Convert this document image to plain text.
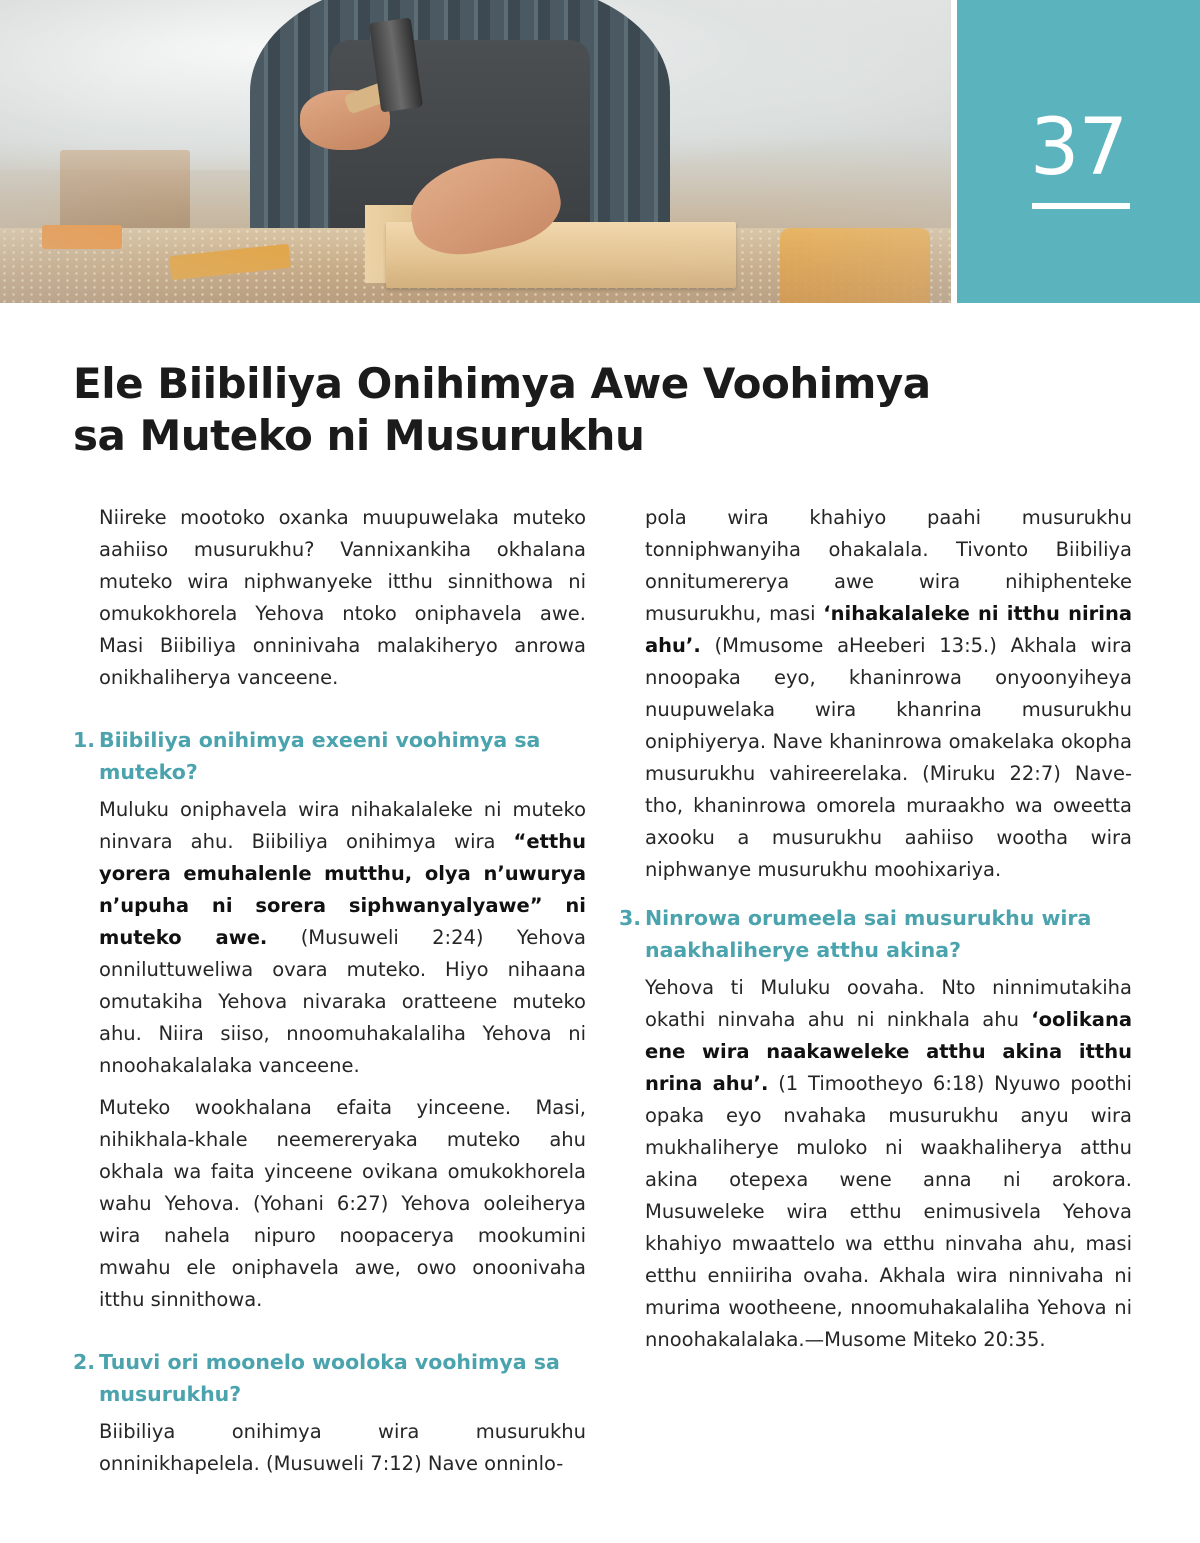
37
Ele Biibiliya Onihimya Awe Voohimya
sa Muteko ni Musurukhu

Niireke mootoko oxanka muupuwelaka muteko aahiiso musurukhu? Vannixankiha okhalana muteko wira niphwanyeke itthu sinnithowa ni omukokhorela Yehova ntoko oniphavela awe. Masi Biibiliya onninivaha malakiheryo anrowa onikhaliherya vanceene.

1. Biibiliya onihimya exeeni voohimya sa muteko?

Muluku oniphavela wira nihakalaleke ni muteko ninvara ahu. Biibiliya onihimya wira “etthu yorera emuhalenle mutthu, olya n’uwurya n’upuha ni sorera siphwanyalyawe” ni muteko awe. (Musuweli 2:24) Yehova onniluttuweliwa ovara muteko. Hiyo nihaana omutakiha Yehova nivaraka oratteene muteko ahu. Niira siiso, nnoomuhakalaliha Yehova ni nnoohakalalaka vanceene.

Muteko wookhalana efaita yinceene. Masi, nihikhala-khale neemereryaka muteko ahu okhala wa faita yinceene ovikana omukokhorela wahu Yehova. (Yohani 6:27) Yehova ooleiherya wira nahela nipuro noopacerya mookumini mwahu ele oniphavela awe, owo onoonivaha itthu sinnithowa.

2. Tuuvi ori moonelo wooloka voohimya sa musurukhu?

Biibiliya onihimya wira musurukhu onninikhapelela. (Musuweli 7:12) Nave onninlo-

pola wira khahiyo paahi musurukhu tonniphwanyiha ohakalala. Tivonto Biibiliya onnitumererya awe wira nihiphenteke musurukhu, masi ‘nihakalaleke ni itthu nirina ahu’. (Mmusome aHeeberi 13:5.) Akhala wira nnoopaka eyo, khaninrowa onyoonyiheya nuupuwelaka wira khanrina musurukhu oniphiyerya. Nave khaninrowa omakelaka okopha musurukhu vahireerelaka. (Miruku 22:7) Nave-tho, khaninrowa omorela muraakho wa oweetta axooku a musurukhu aahiiso wootha wira niphwanye musurukhu moohixariya.

3. Ninrowa orumeela sai musurukhu wira naakhaliherye atthu akina?

Yehova ti Muluku oovaha. Nto ninnimutakiha okathi ninvaha ahu ni ninkhala ahu ‘oolikana ene wira naakaweleke atthu akina itthu nrina ahu’. (1 Timootheyo 6:18) Nyuwo poothi opaka eyo nvahaka musurukhu anyu wira mukhaliherye muloko ni waakhaliherya atthu akina otepexa wene anna ni arokora. Musuweleke wira etthu enimusivela Yehova khahiyo mwaattelo wa etthu ninvaha ahu, masi etthu enniiriha ovaha. Akhala wira ninnivaha ni murima wootheene, nnoomuhakalaliha Yehova ni nnoohakalalaka.—Musome Miteko 20:35.
